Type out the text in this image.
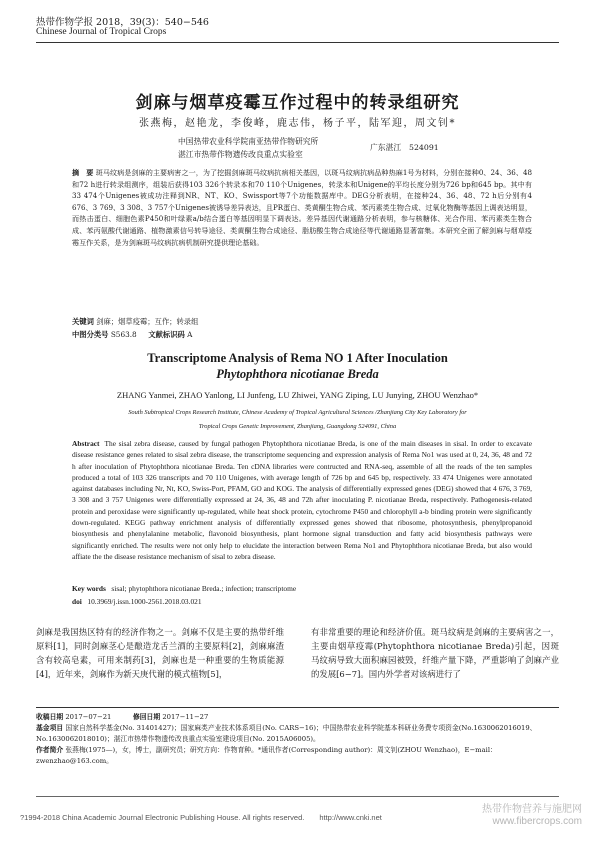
热带作物学报 2018，39(3)：540−546
Chinese Journal of Tropical Crops
剑麻与烟草疫霉互作过程中的转录组研究
张燕梅，赵艳龙，李俊峰，鹿志伟，杨子平，陆军迎，周文钊*
中国热带农业科学院南亚热带作物研究所
湛江市热带作物遗传改良重点实验室
广东湛江　524091
摘　要 斑马纹病是剑麻的主要病害之一，为了挖掘剑麻斑马纹病抗病相关基因，以斑马纹病抗病品种热麻1号为材料，分别在接种0、24、36、48和72 h进行转录组测序，组装后获得103 326个转录本和70 110个Unigenes，转录本和Unigene的平均长度分别为726 bp和645 bp。其中有33 474个Unigenes被成功注释到NR、NT、KO、Swissport等7个功能数据库中。DEG分析表明，在接种24、36、48、72 h后分别有4 676、3 769、3 308、3 757个Unigenes被诱导差异表达，且PR蛋白、类黄酮生物合成、苯丙素类生物合成、过氧化物酶等基因上调表达明显，而热击蛋白、细胞色素P450和叶绿素a/b结合蛋白等基因明显下调表达。差异基因代谢通路分析表明，参与核糖体、光合作用、苯丙素类生物合成、苯丙氨酸代谢通路、植物激素信号转导途径、类黄酮生物合成途径、脂肪酸生物合成途径等代谢通路显著富集。本研究全面了解剑麻与烟草疫霉互作关系，是为剑麻斑马纹病抗病机制研究提供理论基础。
关键词 剑麻；烟草疫霉；互作；转录组
中图分类号 S563.8 文献标识码 A
Transcriptome Analysis of Rema NO 1 After Inoculation
Phytophthora nicotianae Breda
ZHANG Yanmei, ZHAO Yanlong, LI Junfeng, LU Zhiwei, YANG Ziping, LU Junying, ZHOU Wenzhao*
South Subtropical Crops Research Institute, Chinese Academy of Tropical Agricultural Sciences /Zhanjiang City Key Laboratory for
Tropical Crops Genetic Improvement, Zhanjiang, Guangdong 524091, China
Abstract The sisal zebra disease, caused by fungal pathogen Phytophthora nicotianae Breda, is one of the main diseases in sisal. In order to excavate disease resistance genes related to sisal zebra disease, the transcriptome sequencing and expression analysis of Rema No1 was used at 0, 24, 36, 48 and 72 h after inoculation of Phytophthora nicotianae Breda. Ten cDNA libraries were contructed and RNA-seq, assemble of all the reads of the ten samples produced a total of 103 326 transcripts and 70 110 Unigenes, with average length of 726 bp and 645 bp, respectively. 33 474 Unigenes were annotated against databases including Nr, Nt, KO, Swiss-Port, PFAM, GO and KOG. The analysis of differentially expressed genes (DEG) showed that 4 676, 3 769, 3 308 and 3 757 Unigenes were differentially expressed at 24, 36, 48 and 72h after inoculating P. nicotianae Breda, respectively. Pathogenesis-related protein and peroxidase were significantly up-regulated, while heat shock protein, cytochrome P450 and chlorophyll a-b binding protein were significantly down-regulated. KEGG pathway enrichment analysis of differentially expressed genes showed that ribosome, photosynthesis, phenylpropanoid biosynthesis and phenylalanine metabolic, flavonoid biosynthesis, plant hormone signal transduction and fatty acid biosynthesis pathways were significantly enriched. The results were not only help to elucidate the interaction between Rema No1 and Phytophthora nicotianae Breda, but also would affiate the the disease resistance mechanism of sisal to zebra disease.
Key words sisal; phytophthora nicotianae Breda.; infection; transcriptome
doi 10.3969/j.issn.1000-2561.2018.03.021
剑麻是我国热区特有的经济作物之一。剑麻不仅是主要的热带纤维原料[1]，同时剑麻茎心是酿造龙舌兰酒的主要原料[2]，剑麻麻渣含有较高皂素，可用来制药[3]，剑麻也是一种重要的生物质能源[4]，近年来，剑麻作为新天庚代谢的模式植物[5]，
有非常重要的理论和经济价值。斑马纹病是剑麻的主要病害之一，主要由烟草疫霉(Phytophthora nicotianae Breda)引起，因斑马纹病导致大面积麻园被毁，纤维产量下降，严重影响了剑麻产业的发展[6−7]。国内外学者对该病进行了
收稿日期 2017−07−21	修回日期 2017−11−27
基金项目 国家自然科学基金(No. 31401427)；国家麻类产业技术体系项目(No. CARS−16)；中国热带农业科学院基本科研业务费专项资金(No.1630062016019、No.1630062018010)；湛江市热带作物遗传改良重点实验室建设项目(No. 2015A06005)。
作者简介 张燕梅(1975—)，女，博士，副研究员；研究方向：作物育种。*通讯作者(Corresponding author)：周文钊(ZHOU Wenzhao)，E−mail：zwenzhao@163.com。
?1994-2018 China Academic Journal Electronic Publishing House. All rights reserved.　　http://www.cnki.net
热带作物营养与施肥网
www.fibercrops.com
